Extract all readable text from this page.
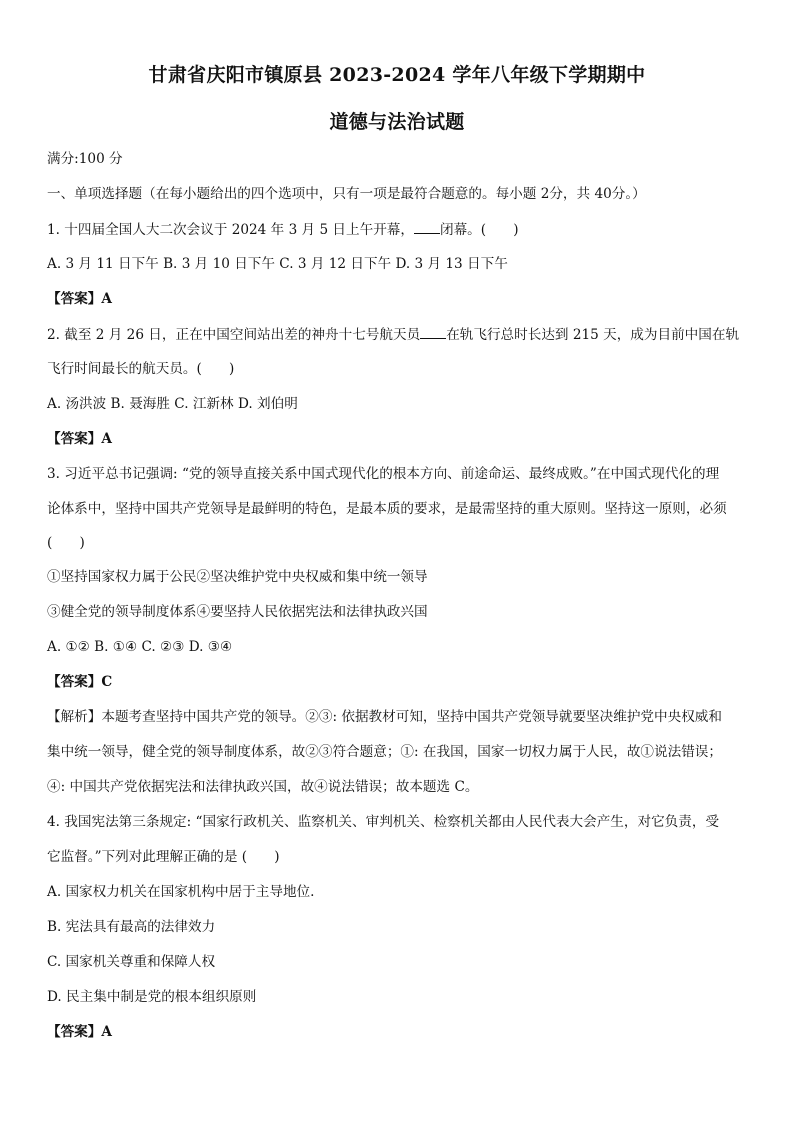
甘肃省庆阳市镇原县 2023-2024 学年八年级下学期期中
道德与法治试题
满分:100 分
一、单项选择题（在每小题给出的四个选项中，只有一项是最符合题意的。每小题 2分，共 40分。）
1. 十四届全国人大二次会议于 2024 年 3 月 5 日上午开幕， 闭幕。(　　)
A. 3 月 11 日下午 B. 3 月 10 日下午 C. 3 月 12 日下午 D. 3 月 13 日下午
【答案】A
2. 截至 2 月 26 日，正在中国空间站出差的神舟十七号航天员 在轨飞行总时长达到 215 天，成为目前中国在轨
飞行时间最长的航天员。(　　)
A. 汤洪波 B. 聂海胜 C. 江新林 D. 刘伯明
【答案】A
3. 习近平总书记强调: “党的领导直接关系中国式现代化的根本方向、前途命运、最终成败。”在中国式现代化的理
论体系中，坚持中国共产党领导是最鲜明的特色，是最本质的要求，是最需坚持的重大原则。坚持这一原则，必须
(　　)
①坚持国家权力属于公民②坚决维护党中央权威和集中统一领导
③健全党的领导制度体系④要坚持人民依据宪法和法律执政兴国
A. ①② B. ①④ C. ②③ D. ③④
【答案】C
【解析】本题考查坚持中国共产党的领导。②③: 依据教材可知，坚持中国共产党领导就要坚决维护党中央权威和
集中统一领导，健全党的领导制度体系，故②③符合题意；①: 在我国，国家一切权力属于人民，故①说法错误；
④: 中国共产党依据宪法和法律执政兴国，故④说法错误；故本题选 C。
4. 我国宪法第三条规定: “国家行政机关、监察机关、审判机关、检察机关都由人民代表大会产生，对它负责，受
它监督。”下列对此理解正确的是 (　　)
A. 国家权力机关在国家机构中居于主导地位.
B. 宪法具有最高的法律效力
C. 国家机关尊重和保障人权
D. 民主集中制是党的根本组织原则
【答案】A
